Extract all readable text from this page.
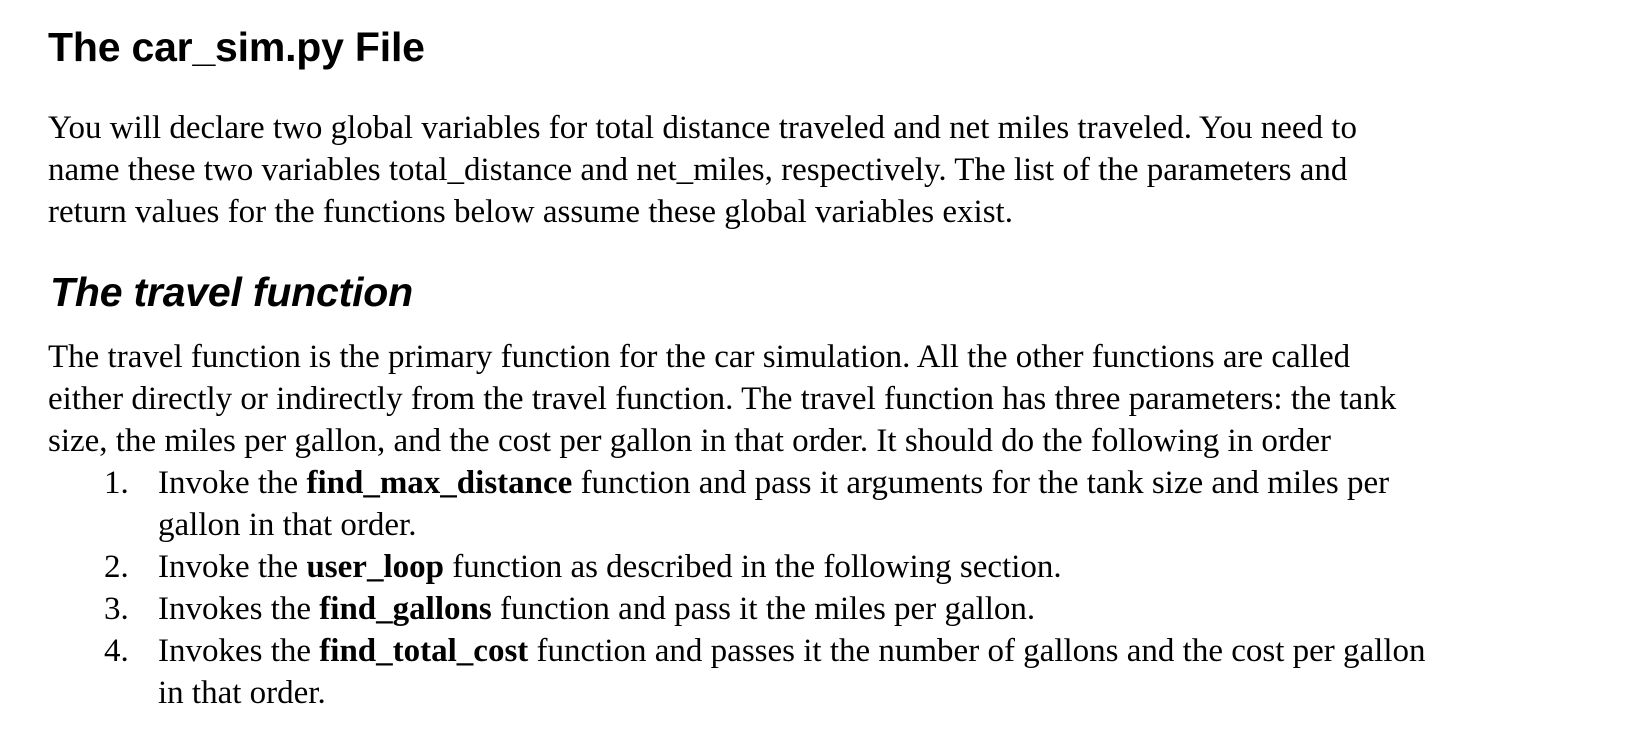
The car_sim.py File

You will declare two global variables for total distance traveled and net miles traveled. You need to
name these two variables total_distance and net_miles, respectively. The list of the parameters and
return values for the functions below assume these global variables exist.

The travel function

The travel function is the primary function for the car simulation. All the other functions are called
either directly or indirectly from the travel function. The travel function has three parameters: the tank
size, the miles per gallon, and the cost per gallon in that order. It should do the following in order

1. Invoke the find_max_distance function and pass it arguments for the tank size and miles per
gallon in that order.
2. Invoke the user_loop function as described in the following section.
3. Invokes the find_gallons function and pass it the miles per gallon.
4. Invokes the find_total_cost function and passes it the number of gallons and the cost per gallon
in that order.
